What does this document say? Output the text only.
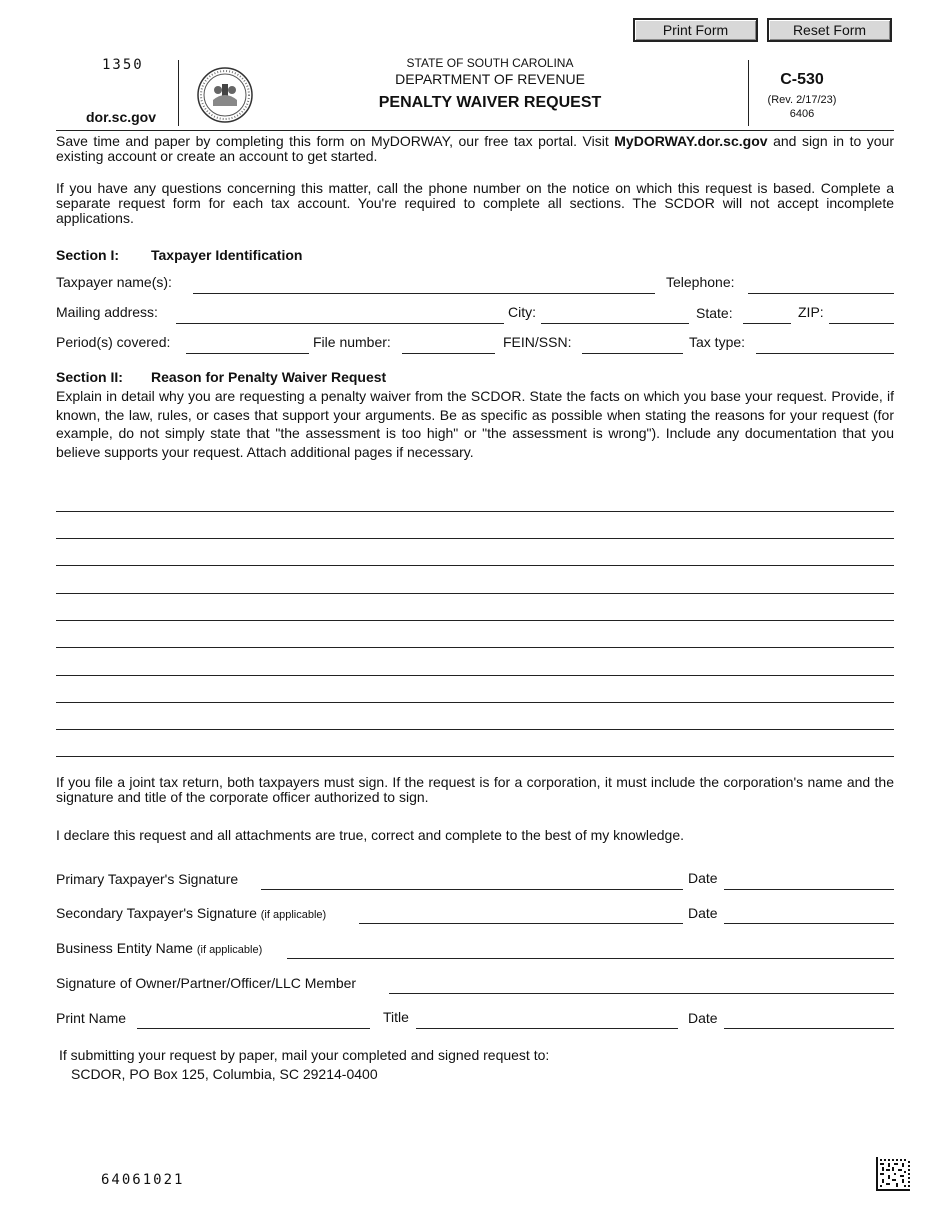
Print Form	Reset Form
1350
dor.sc.gov
STATE OF SOUTH CAROLINA
DEPARTMENT OF REVENUE
PENALTY WAIVER REQUEST
C-530
(Rev. 2/17/23)
6406
Save time and paper by completing this form on MyDORWAY, our free tax portal. Visit MyDORWAY.dor.sc.gov and sign in to your existing account or create an account to get started.
If you have any questions concerning this matter, call the phone number on the notice on which this request is based. Complete a separate request form for each tax account. You're required to complete all sections. The SCDOR will not accept incomplete applications.
Section I: Taxpayer Identification
Taxpayer name(s):	Telephone:
Mailing address:	City:	State:	ZIP:
Period(s) covered:	File number:	FEIN/SSN:	Tax type:
Section II: Reason for Penalty Waiver Request
Explain in detail why you are requesting a penalty waiver from the SCDOR. State the facts on which you base your request. Provide, if known, the law, rules, or cases that support your arguments. Be as specific as possible when stating the reasons for your request (for example, do not simply state that "the assessment is too high" or "the assessment is wrong"). Include any documentation that you believe supports your request. Attach additional pages if necessary.
If you file a joint tax return, both taxpayers must sign. If the request is for a corporation, it must include the corporation's name and the signature and title of the corporate officer authorized to sign.
I declare this request and all attachments are true, correct and complete to the best of my knowledge.
Primary Taxpayer's Signature	Date
Secondary Taxpayer's Signature (if applicable)	Date
Business Entity Name (if applicable)
Signature of Owner/Partner/Officer/LLC Member
Print Name	Title	Date
If submitting your request by paper, mail your completed and signed request to:
SCDOR, PO Box 125, Columbia, SC 29214-0400
64061021
